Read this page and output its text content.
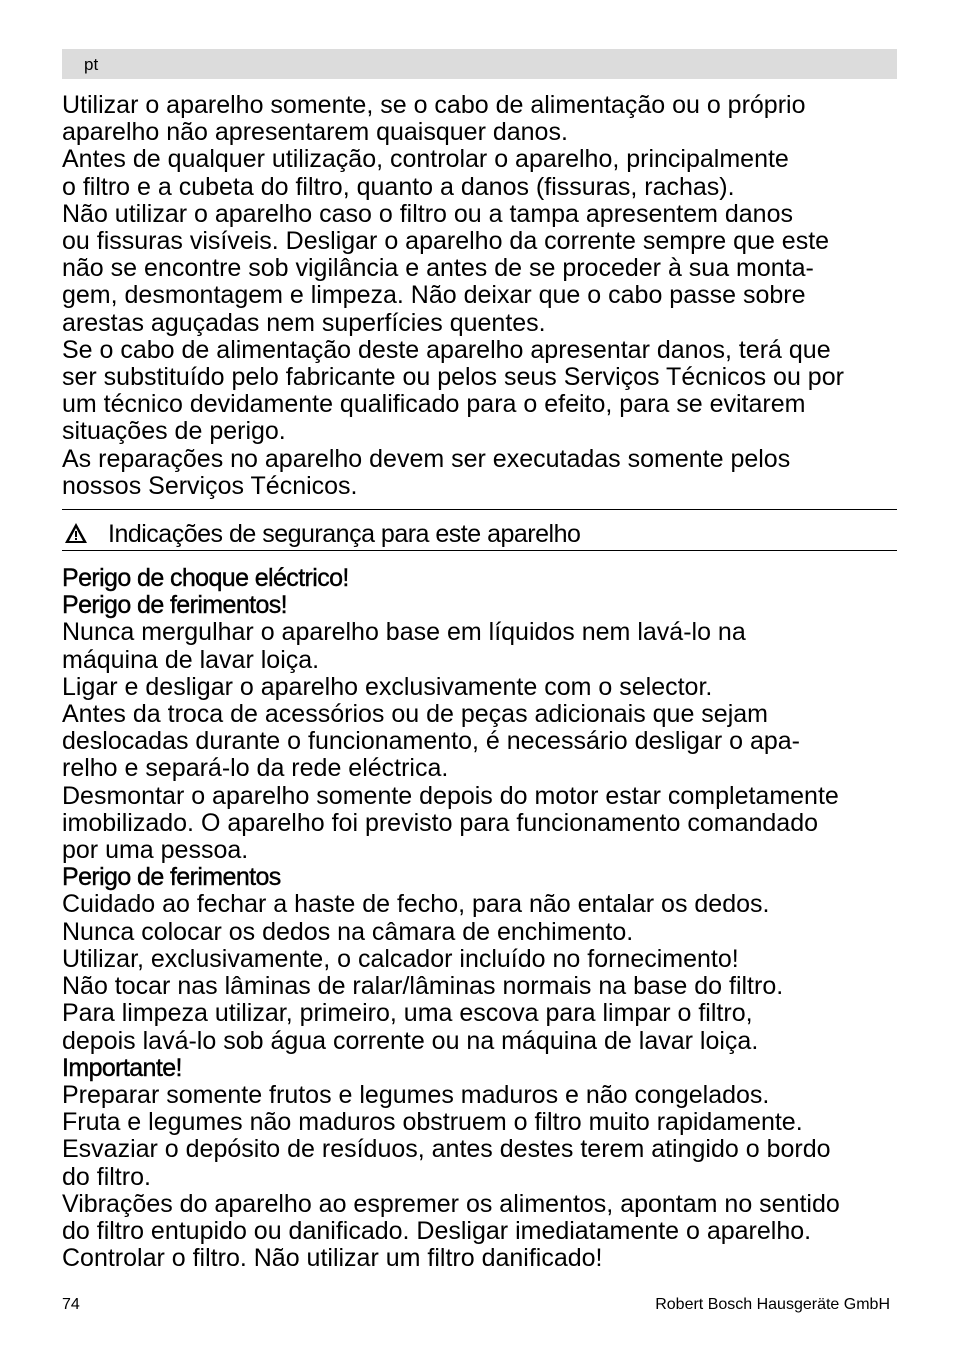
pt

Utilizar o aparelho somente, se o cabo de alimentação ou o próprio

aparelho não apresentarem quaisquer danos.

Antes de qualquer utilização, controlar o aparelho, principalmente

o filtro e a cubeta do filtro, quanto a danos (fissuras, rachas).

Não utilizar o aparelho caso o filtro ou a tampa apresentem danos

ou fissuras visíveis. Desligar o aparelho da corrente sempre que este

não se encontre sob vigilância e antes de se proceder à sua monta-

gem, desmontagem e limpeza. Não deixar que o cabo passe sobre

arestas aguçadas nem superfícies quentes.

Se o cabo de alimentação deste aparelho apresentar danos, terá que

ser substituído pelo fabricante ou pelos seus Serviços Técnicos ou por

um técnico devidamente qualificado para o efeito, para se evitarem

situações de perigo.

As reparações no aparelho devem ser executadas somente pelos

nossos Serviços Técnicos.

Indicações de segurança para este aparelho

Perigo de choque eléctrico!

Perigo de ferimentos!

Nunca mergulhar o aparelho base em líquidos nem lavá-lo na

máquina de lavar loiça.

Ligar e desligar o aparelho exclusivamente com o selector.

Antes da troca de acessórios ou de peças adicionais que sejam

deslocadas durante o funcionamento, é necessário desligar o apa-

relho e separá-lo da rede eléctrica.

Desmontar o aparelho somente depois do motor estar completamente

imobilizado. O aparelho foi previsto para funcionamento comandado

por uma pessoa.

Perigo de ferimentos

Cuidado ao fechar a haste de fecho, para não entalar os dedos.

Nunca colocar os dedos na câmara de enchimento.

Utilizar, exclusivamente, o calcador incluído no fornecimento!

Não tocar nas lâminas de ralar/lâminas normais na base do filtro.

Para limpeza utilizar, primeiro, uma escova para limpar o filtro,

depois lavá-lo sob água corrente ou na máquina de lavar loiça.

Importante!

Preparar somente frutos e legumes maduros e não congelados.

Fruta e legumes não maduros obstruem o filtro muito rapidamente.

Esvaziar o depósito de resíduos, antes destes terem atingido o bordo

do filtro.

Vibrações do aparelho ao espremer os alimentos, apontam no sentido

do filtro entupido ou danificado. Desligar imediatamente o aparelho.

Controlar o filtro. Não utilizar um filtro danificado!

74	Robert Bosch Hausgeräte GmbH
